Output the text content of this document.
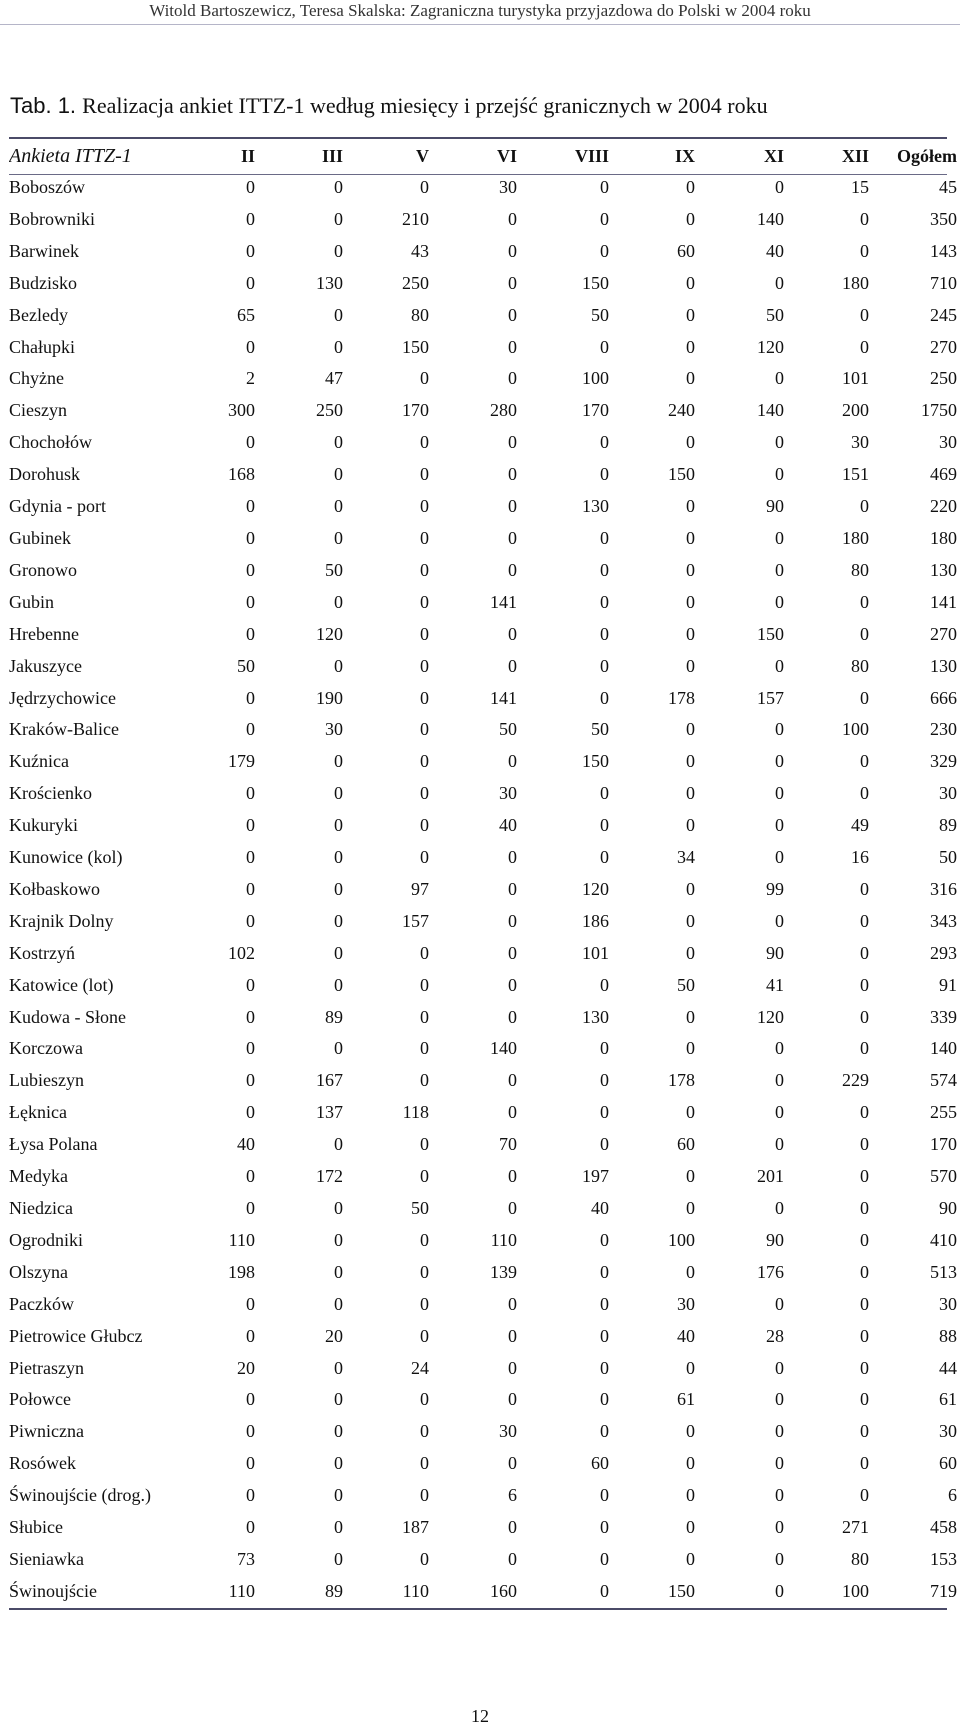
Witold Bartoszewicz, Teresa Skalska: Zagraniczna turystyka przyjazdowa do Polski w 2004 roku
Tab. 1. Realizacja ankiet ITTZ-1 według miesięcy i przejść granicznych w 2004 roku
Ankieta ITTZ-1	II	III	V	VI	VIII	IX	XI	XII	Ogółem
Boboszów	0	0	0	30	0	0	0	15	45
Bobrowniki	0	0	210	0	0	0	140	0	350
Barwinek	0	0	43	0	0	60	40	0	143
Budzisko	0	130	250	0	150	0	0	180	710
Bezledy	65	0	80	0	50	0	50	0	245
Chałupki	0	0	150	0	0	0	120	0	270
Chyżne	2	47	0	0	100	0	0	101	250
Cieszyn	300	250	170	280	170	240	140	200	1750
Chochołów	0	0	0	0	0	0	0	30	30
Dorohusk	168	0	0	0	0	150	0	151	469
Gdynia - port	0	0	0	0	130	0	90	0	220
Gubinek	0	0	0	0	0	0	0	180	180
Gronowo	0	50	0	0	0	0	0	80	130
Gubin	0	0	0	141	0	0	0	0	141
Hrebenne	0	120	0	0	0	0	150	0	270
Jakuszyce	50	0	0	0	0	0	0	80	130
Jędrzychowice	0	190	0	141	0	178	157	0	666
Kraków-Balice	0	30	0	50	50	0	0	100	230
Kuźnica	179	0	0	0	150	0	0	0	329
Krościenko	0	0	0	30	0	0	0	0	30
Kukuryki	0	0	0	40	0	0	0	49	89
Kunowice (kol)	0	0	0	0	0	34	0	16	50
Kołbaskowo	0	0	97	0	120	0	99	0	316
Krajnik Dolny	0	0	157	0	186	0	0	0	343
Kostrzyń	102	0	0	0	101	0	90	0	293
Katowice (lot)	0	0	0	0	0	50	41	0	91
Kudowa - Słone	0	89	0	0	130	0	120	0	339
Korczowa	0	0	0	140	0	0	0	0	140
Lubieszyn	0	167	0	0	0	178	0	229	574
Łęknica	0	137	118	0	0	0	0	0	255
Łysa Polana	40	0	0	70	0	60	0	0	170
Medyka	0	172	0	0	197	0	201	0	570
Niedzica	0	0	50	0	40	0	0	0	90
Ogrodniki	110	0	0	110	0	100	90	0	410
Olszyna	198	0	0	139	0	0	176	0	513
Paczków	0	0	0	0	0	30	0	0	30
Pietrowice Głubcz	0	20	0	0	0	40	28	0	88
Pietraszyn	20	0	24	0	0	0	0	0	44
Połowce	0	0	0	0	0	61	0	0	61
Piwniczna	0	0	0	30	0	0	0	0	30
Rosówek	0	0	0	0	60	0	0	0	60
Świnoujście (drog.)	0	0	0	6	0	0	0	0	6
Słubice	0	0	187	0	0	0	0	271	458
Sieniawka	73	0	0	0	0	0	0	80	153
Świnoujście	110	89	110	160	0	150	0	100	719
12
